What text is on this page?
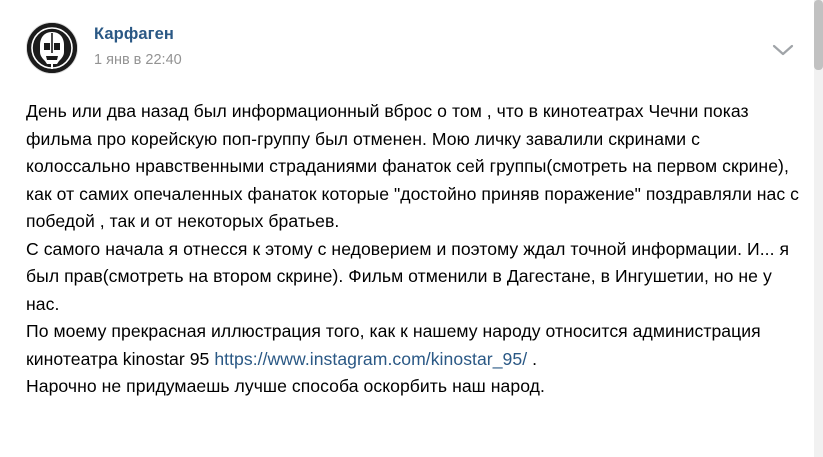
Карфаген
1 янв в 22:40

День или два назад был информационный вброс о том , что в кинотеатрах Чечни показ фильма про корейскую поп-группу был отменен. Мою личку завалили скринами с колоссально нравственными страданиями фанаток сей группы(смотреть на первом скрине), как от самих опечаленных фанаток которые "достойно приняв поражение" поздравляли нас с победой , так и от некоторых братьев.

С самого начала я отнесся к этому с недоверием и поэтому ждал точной информации. И... я был прав(смотреть на втором скрине). Фильм отменили в Дагестане, в Ингушетии, но не у нас.

По моему прекрасная иллюстрация того, как к нашему народу относится администрация кинотеатра kinostar 95 https://www.instagram.com/kinostar_95/ .

Нарочно не придумаешь лучше способа оскорбить наш народ.
